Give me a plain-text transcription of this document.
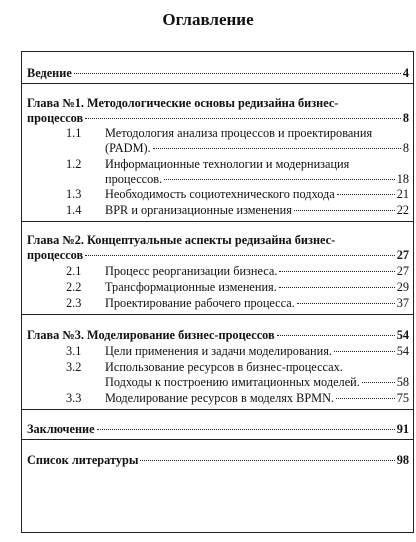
Оглавление
Ведение	4
Глава №1. Методологические основы редизайна бизнес-
процессов	8
1.1 Методология анализа процессов и проектирования
(PADM).	8
1.2 Информационные технологии и модернизация
процессов.	18
1.3 Необходимость социотехнического подхода	21
1.4 BPR и организационные изменения	22
Глава №2. Концептуальные аспекты редизайна бизнес-
процессов	27
2.1 Процесс реорганизации бизнеса.	27
2.2 Трансформационные изменения.	29
2.3 Проектирование рабочего процесса.	37
Глава №3. Моделирование бизнес-процессов	54
3.1 Цели применения и задачи моделирования.	54
3.2 Использование ресурсов в бизнес-процессах.
Подходы к построению имитационных моделей.	58
3.3 Моделирование ресурсов в моделях BPMN.	75
Заключение	91
Список литературы	98
